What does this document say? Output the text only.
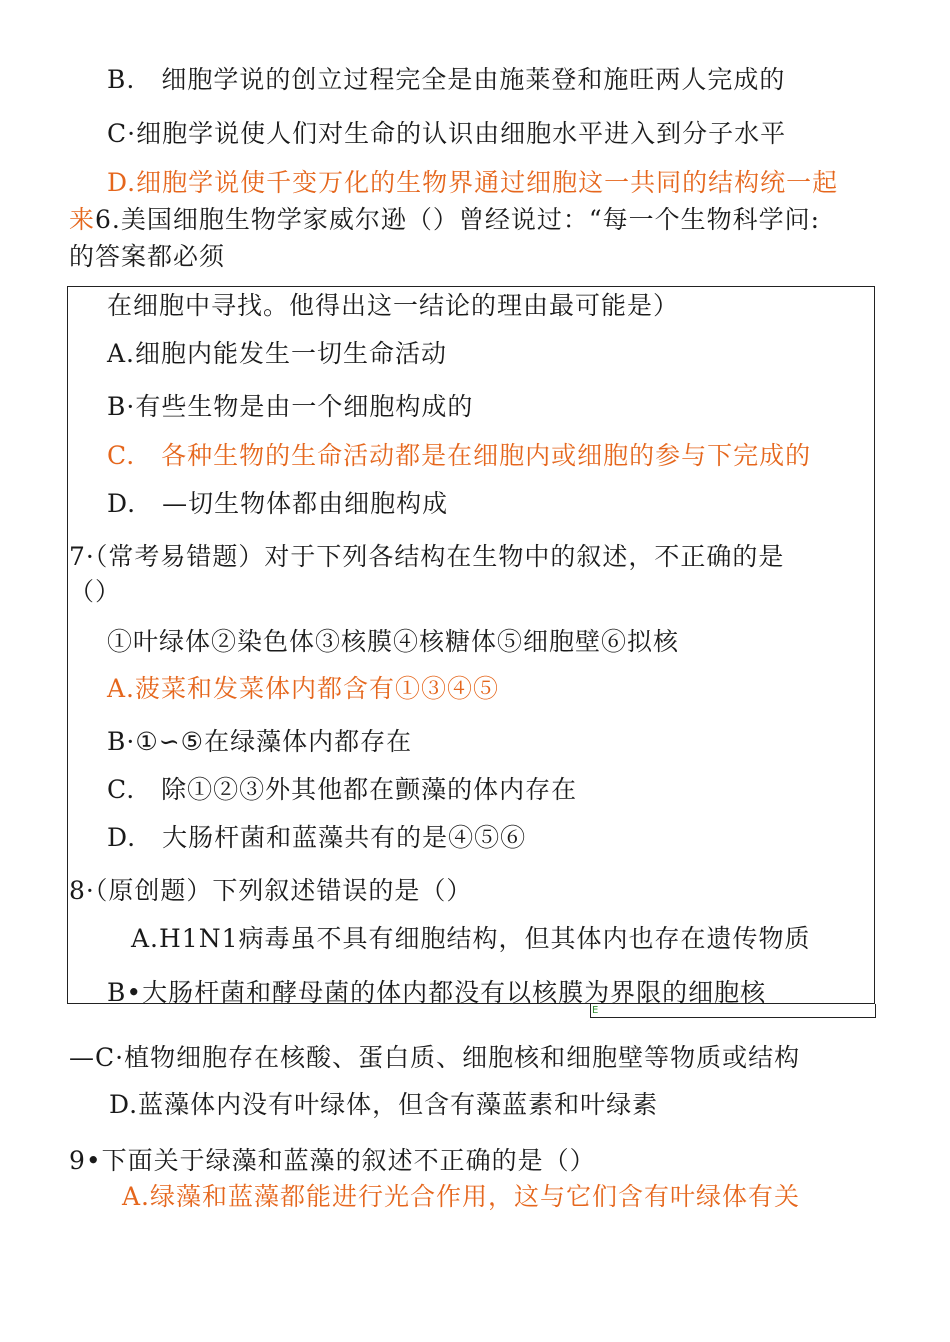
E
B.　细胞学说的创立过程完全是由施莱登和施旺两人完成的
C·细胞学说使人们对生命的认识由细胞水平进入到分子水平
D.细胞学说使千变万化的生物界通过细胞这一共同的结构统一起
来 6.美国细胞生物学家威尔逊（）曾经说过：“每一个生物科学问:
的答案都必须
在细胞中寻找。他得出这一结论的理由最可能是）
A.细胞内能发生一切生命活动
B·有些生物是由一个细胞构成的
C.　各种生物的生命活动都是在细胞内或细胞的参与下完成的
D.　—切生物体都由细胞构成
7·（常考易错题）对于下列各结构在生物中的叙述，不正确的是
（）
①叶绿体②染色体③核膜④核糖体⑤细胞壁⑥拟核
A.菠菜和发菜体内都含有①③④⑤
B·①∽⑤在绿藻体内都存在
C.　除①②③外其他都在颤藻的体内存在
D.　大肠杆菌和蓝藻共有的是④⑤⑥
8·（原创题）下列叙述错误的是（）
A.H1N1病毒虽不具有细胞结构，但其体内也存在遗传物质
B•大肠杆菌和酵母菌的体内都没有以核膜为界限的细胞核
—C·植物细胞存在核酸、蛋白质、细胞核和细胞壁等物质或结构
D.蓝藻体内没有叶绿体，但含有藻蓝素和叶绿素
9•下面关于绿藻和蓝藻的叙述不正确的是（）
A.绿藻和蓝藻都能进行光合作用，这与它们含有叶绿体有关
